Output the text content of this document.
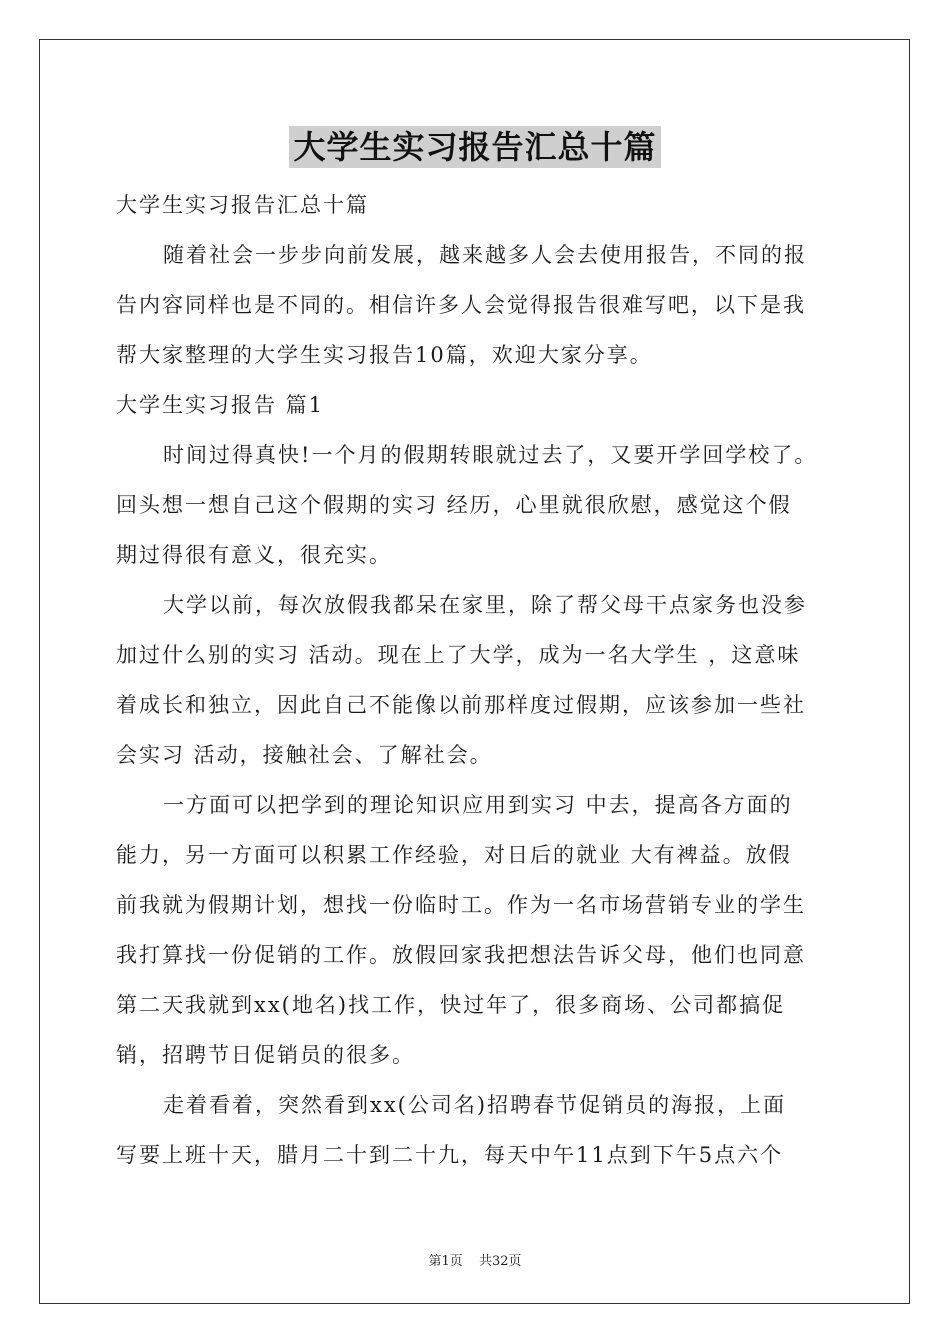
大学生实习报告汇总十篇
大学生实习报告汇总十篇
随着社会一步步向前发展，越来越多人会去使用报告，不同的报
告内容同样也是不同的。相信许多人会觉得报告很难写吧，以下是我
帮大家整理的大学生实习报告10篇，欢迎大家分享。
大学生实习报告 篇1
时间过得真快!一个月的假期转眼就过去了，又要开学回学校了。
回头想一想自己这个假期的实习 经历，心里就很欣慰，感觉这个假
期过得很有意义，很充实。
大学以前，每次放假我都呆在家里，除了帮父母干点家务也没参
加过什么别的实习 活动。现在上了大学，成为一名大学生 ，这意味
着成长和独立，因此自己不能像以前那样度过假期，应该参加一些社
会实习 活动，接触社会、了解社会。
一方面可以把学到的理论知识应用到实习 中去，提高各方面的
能力，另一方面可以积累工作经验，对日后的就业 大有裨益。放假
前我就为假期计划，想找一份临时工。作为一名市场营销专业的学生
我打算找一份促销的工作。放假回家我把想法告诉父母，他们也同意
第二天我就到xx(地名)找工作，快过年了，很多商场、公司都搞促
销，招聘节日促销员的很多。
走着看着，突然看到xx(公司名)招聘春节促销员的海报，上面
写要上班十天，腊月二十到二十九，每天中午11点到下午5点六个
第1页 共32页
